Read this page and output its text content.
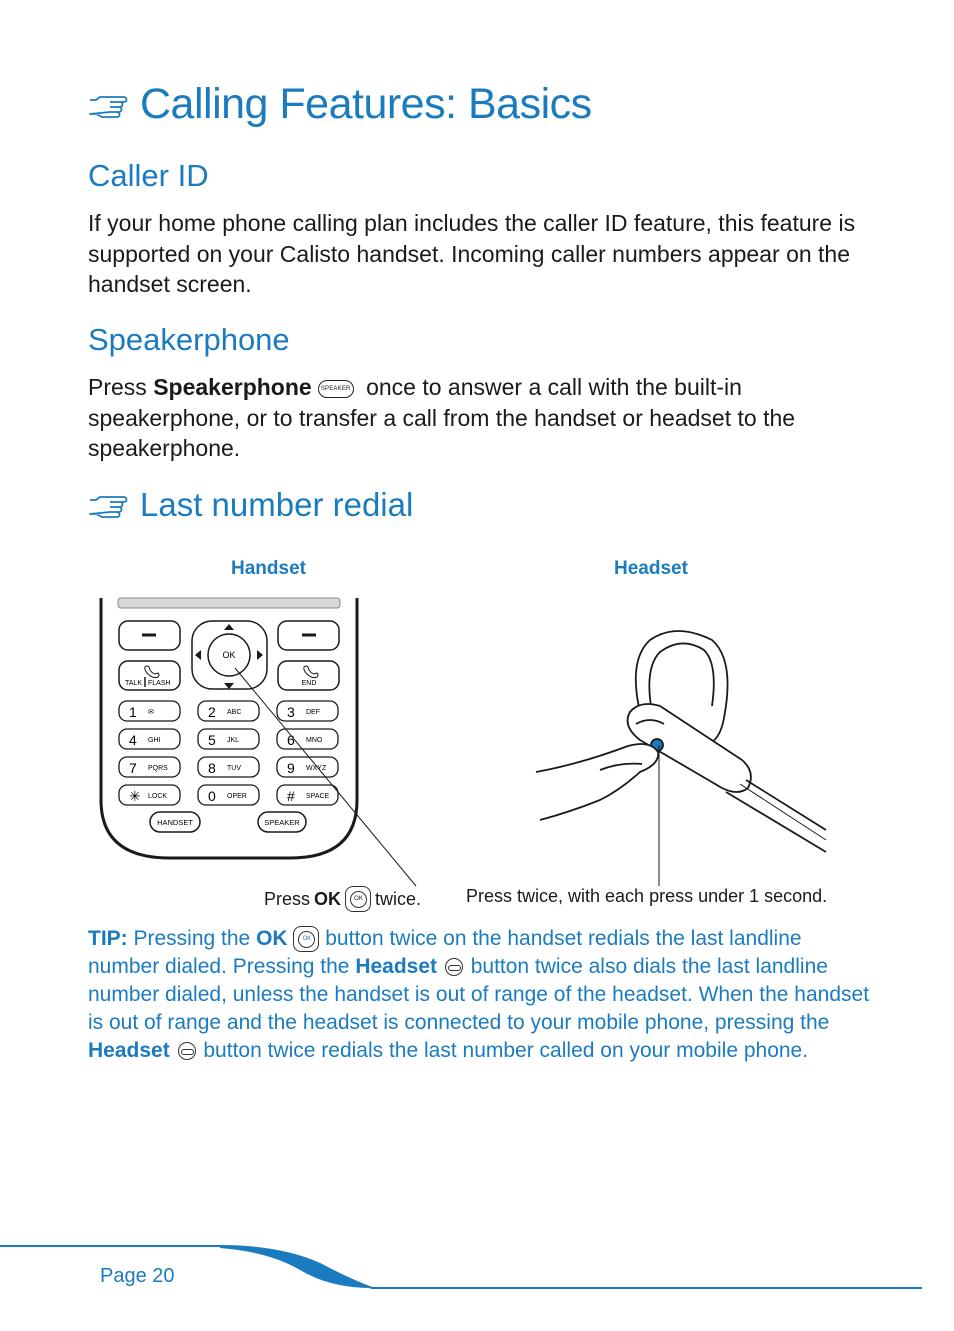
Calling Features: Basics
Caller ID

If your home phone calling plan includes the caller ID feature, this feature is supported on your Calisto handset. Incoming caller numbers appear on the handset screen.

Speakerphone

Press Speakerphone SPEAKER once to answer a call with the built-in speakerphone, or to transfer a call from the handset or headset to the speakerphone.

Last number redial
Handset	Headset
OK
TALK FLASH	END
1 ✉	2 ABC	3 DEF
4 GHI	5 JKL	6 MNO
7 PQRS	8 TUV	9 WXYZ
✳ LOCK	0 OPER	# SPACE
HANDSET	SPEAKER
Press OK	OK twice. Press twice, with each press under 1 second.

TIP: Pressing the OK	OK button twice on the handset redials the last landline number dialed. Pressing the Headset  button twice also dials the last landline number dialed, unless the handset is out of range of the headset. When the handset is out of range and the headset is connected to your mobile phone, pressing the Headset  button twice redials the last number called on your mobile phone.

Page 20
